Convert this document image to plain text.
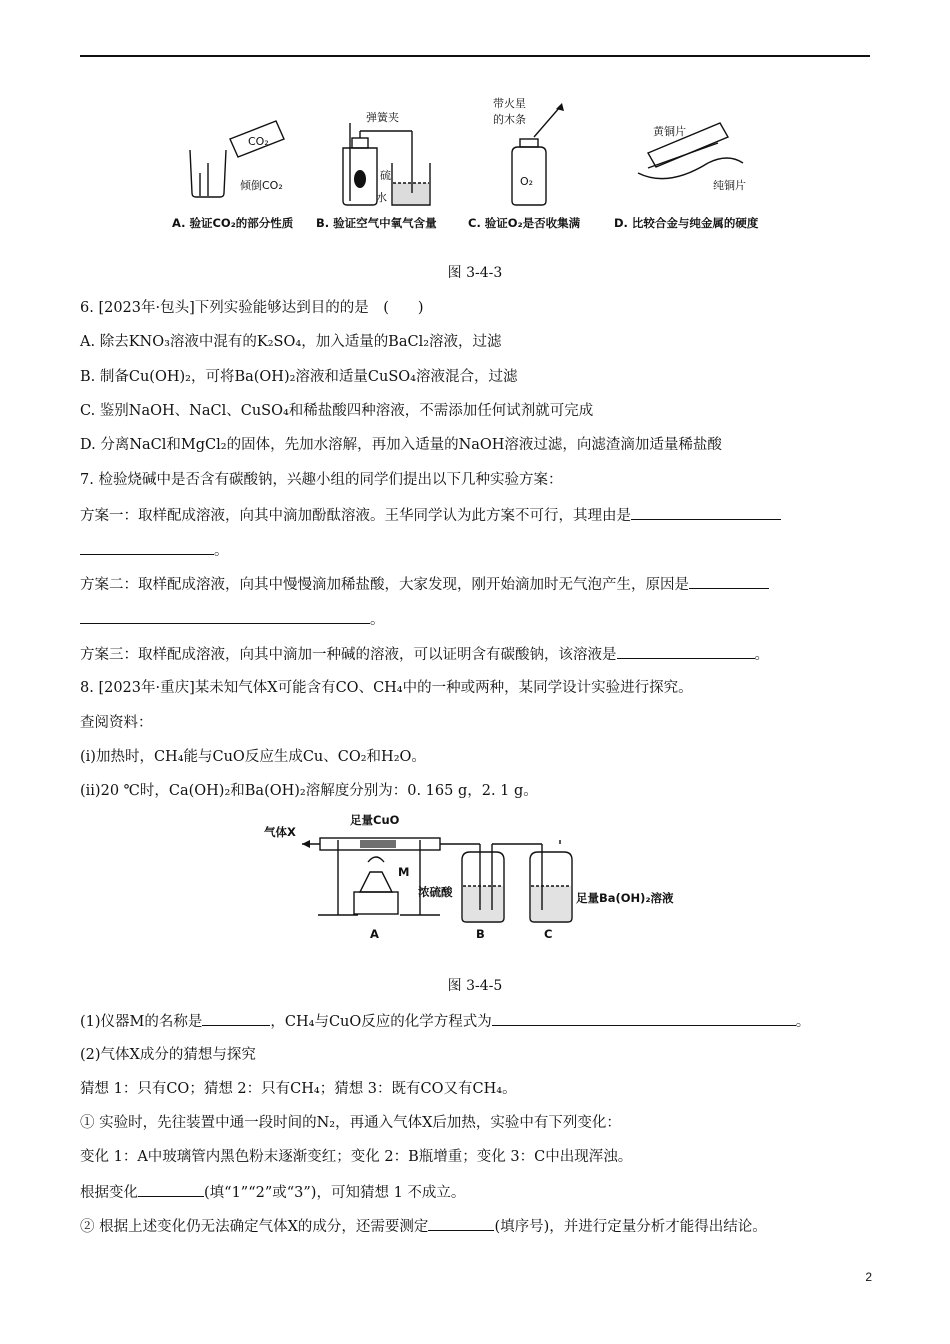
CO₂
倾倒CO₂
弹簧夹
硫
水
带火星
的木条
O₂
黄铜片
纯铜片
A. 验证CO₂的部分性质 B. 验证空气中氧气含量	C. 验证O₂是否收集满	D. 比较合金与纯金属的硬度
图 3-4-3
6. [2023年·包头]下列实验能够达到目的的是　(　　)
A. 除去KNO₃溶液中混有的K₂SO₄，加入适量的BaCl₂溶液，过滤
B. 制备Cu(OH)₂，可将Ba(OH)₂溶液和适量CuSO₄溶液混合，过滤
C. 鉴别NaOH、NaCl、CuSO₄和稀盐酸四种溶液，不需添加任何试剂就可完成
D. 分离NaCl和MgCl₂的固体，先加水溶解，再加入适量的NaOH溶液过滤，向滤渣滴加适量稀盐酸
7. 检验烧碱中是否含有碳酸钠，兴趣小组的同学们提出以下几种实验方案：
方案一：取样配成溶液，向其中滴加酚酞溶液。王华同学认为此方案不可行，其理由是
。
方案二：取样配成溶液，向其中慢慢滴加稀盐酸，大家发现，刚开始滴加时无气泡产生，原因是
。
方案三：取样配成溶液，向其中滴加一种碱的溶液，可以证明含有碳酸钠，该溶液是	。
8. [2023年·重庆]某未知气体X可能含有CO、CH₄中的一种或两种，某同学设计实验进行探究。
查阅资料：
(ⅰ)加热时，CH₄能与CuO反应生成Cu、CO₂和H₂O。
(ⅱ)20 ℃时，Ca(OH)₂和Ba(OH)₂溶解度分别为：0. 165 g，2. 1 g。
气体X
足量CuO
M
浓硫酸	足量Ba(OH)₂溶液
A	B	C
图 3-4-5
(1)仪器M的名称是	，CH₄与CuO反应的化学方程式为	。
(2)气体X成分的猜想与探究
猜想 1：只有CO；猜想 2：只有CH₄；猜想 3：既有CO又有CH₄。
① 实验时，先往装置中通一段时间的N₂，再通入气体X后加热，实验中有下列变化：
变化 1：A中玻璃管内黑色粉末逐渐变红；变化 2：B瓶增重；变化 3：C中出现浑浊。
根据变化	(填“1”“2”或“3”)，可知猜想 1 不成立。
② 根据上述变化仍无法确定气体X的成分，还需要测定	(填序号)，并进行定量分析才能得出结论。
2
